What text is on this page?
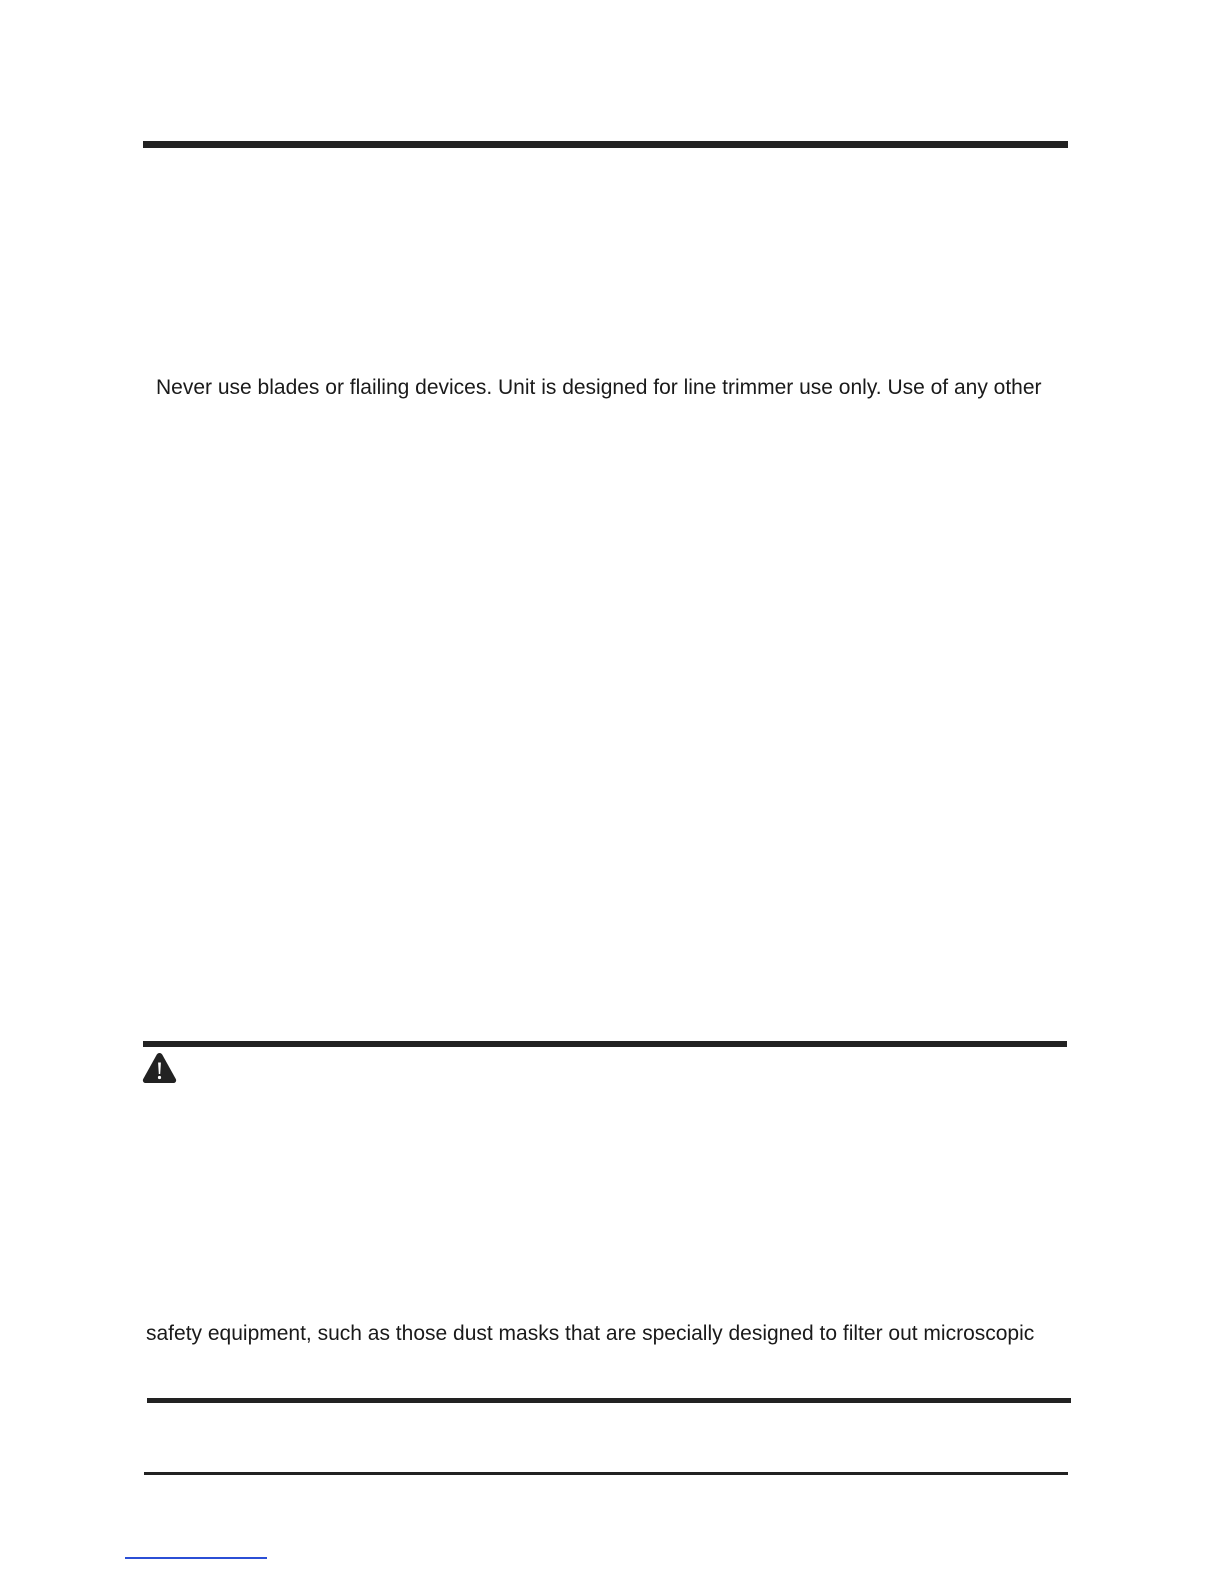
Never use blades or flailing devices. Unit is designed for line trimmer use only. Use of any other

safety equipment, such as those dust masks that are specially designed to filter out microscopic
